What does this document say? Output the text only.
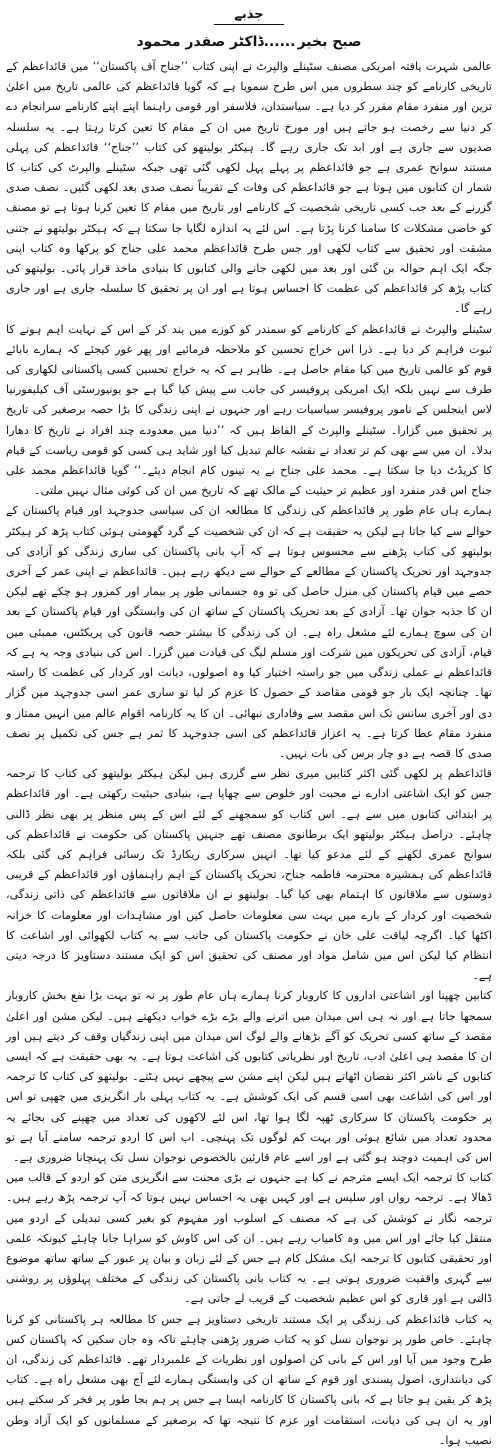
جذبے
صبح بخیر......ڈاکٹر صفدر محمود
عالمی شہرت یافتہ امریکی مصنف سٹینلے والپرٹ نے اپنی کتاب ’’جناح آف پاکستان‘‘ میں قائداعظم کے تاریخی کارنامے کو چند سطروں میں اس طرح سمویا ہے کہ گویا قائداعظم کی عالمی تاریخ میں اعلیٰ ترین اور منفرد مقام مقرر کر دیا ہے۔ سیاستدان، فلاسفر اور قومی راہنما اپنے اپنے کارنامے سرانجام دے کر دنیا سے رخصت ہو جاتے ہیں اور مورخ تاریخ میں ان کے مقام کا تعین کرتا رہتا ہے۔ یہ سلسلہ صدیوں سے جاری ہے اور ابد تک جاری رہے گا۔ ہیکٹر بولیتھو کی کتاب ’’جناح‘‘ قائداعظم کی پہلی مستند سوانح عمری ہے جو قائداعظم پر پہلے پہل لکھی گئی تھی جبکہ سٹینلے والپرٹ کی کتاب کا شمار ان کتابوں میں ہوتا ہے جو قائداعظم کی وفات کے تقریباً نصف صدی بعد لکھی گئیں۔ نصف صدی گزرنے کے بعد جب کسی تاریخی شخصیت کے کارنامے اور تاریخ میں مقام کا تعین کرنا ہوتا ہے تو مصنف کو خاصی مشکلات کا سامنا کرنا پڑتا ہے۔ اس لئے یہ اندازہ لگایا جا سکتا ہے کہ ہیکٹر بولیتھو نے جتنی مشقت اور تحقیق سے کتاب لکھی اور جس طرح قائداعظم محمد علی جناح کو پرکھا وہ کتاب اپنی جگہ ایک اہم حوالہ بن گئی اور بعد میں لکھی جانے والی کتابوں کا بنیادی ماخذ قرار پائی۔ بولیتھو کی کتاب پڑھ کر قائداعظم کی عظمت کا احساس ہوتا ہے اور ان پر تحقیق کا سلسلہ جاری ہے اور جاری رہے گا۔
سٹینلے والپرٹ نے قائداعظم کے کارنامے کو سمندر کو کوزے میں بند کر کے اس کے نہایت اہم ہونے کا ثبوت فراہم کر دیا ہے۔ ذرا اس خراج تحسین کو ملاحظہ فرمائیے اور پھر غور کیجئے کہ ہمارے بابائے قوم کو عالمی تاریخ میں کیا مقام حاصل ہے۔ ظاہر ہے کہ یہ خراج تحسین کسی پاکستانی لکھاری کی طرف سے نہیں بلکہ ایک امریکی پروفیسر کی جانب سے پیش کیا گیا ہے جو یونیورسٹی آف کیلیفورنیا لاس اینجلس کے نامور پروفیسر سیاسیات رہے اور جنہوں نے اپنی زندگی کا بڑا حصہ برصغیر کی تاریخ پر تحقیق میں گزارا۔ سٹینلے والپرٹ کے الفاظ ہیں کہ ’’دنیا میں معدودے چند افراد نے تاریخ کا دھارا بدلا۔ ان میں سے بھی کم تر تعداد نے نقشہ عالم تبدیل کیا اور شاید ہی کسی کو قومی ریاست کے قیام کا کریڈٹ دیا جا سکتا ہے۔ محمد علی جناح نے یہ تینوں کام انجام دیئے۔‘‘ گویا قائداعظم محمد علی جناح اس قدر منفرد اور عظیم تر حیثیت کے مالک تھے کہ تاریخ میں ان کی کوئی مثال نہیں ملتی۔
ہمارے ہاں عام طور پر قائداعظم کی زندگی کا مطالعہ ان کی سیاسی جدوجہد اور قیام پاکستان کے حوالے سے کیا جاتا ہے لیکن یہ حقیقت ہے کہ ان کی شخصیت کے گرد گھومتی ہوئی کتاب پڑھ کر ہیکٹر بولیتھو کی کتاب پڑھنے سے محسوس ہوتا ہے کہ آپ بانی پاکستان کی ساری زندگی کو آزادی کی جدوجہد اور تحریک پاکستان کے مطالعے کے حوالے سے دیکھ رہے ہیں۔ قائداعظم نے اپنی عمر کے آخری حصے میں قیام پاکستان کی منزل حاصل کی تو وہ جسمانی طور پر بیمار اور کمزور ہو چکے تھے لیکن ان کا جذبہ جوان تھا۔ آزادی کے بعد تحریک پاکستان کے ساتھ ان کی وابستگی اور قیام پاکستان کے بعد ان کی سوچ ہمارے لئے مشعل راہ ہے۔ ان کی زندگی کا بیشتر حصہ قانون کی پریکٹس، ممبئی میں قیام، آزادی کی تحریکوں میں شرکت اور مسلم لیگ کی قیادت میں گزرا۔ اس کی بنیادی وجہ یہ ہے کہ قائداعظم نے عملی زندگی میں جو راستہ اختیار کیا وہ اصولوں، دیانت اور کردار کی عظمت کا راستہ تھا۔ چنانچہ ایک بار جو قومی مقاصد کے حصول کا عزم کر لیا تو ساری عمر اسی جدوجہد میں گزار دی اور آخری سانس تک اس مقصد سے وفاداری نبھائی۔ ان کا یہ کارنامہ اقوام عالم میں انہیں ممتاز و منفرد مقام عطا کرتا ہے۔ یہ اعزاز قائداعظم کی اسی جدوجہد کا ثمر ہے جس کی تکمیل پر نصف صدی کا قصہ ہے دو چار برس کی بات نہیں۔
قائداعظم پر لکھی گئی اکثر کتابیں میری نظر سے گزری ہیں لیکن ہیکٹر بولیتھو کی کتاب کا ترجمہ جس کو ایک اشاعتی ادارے نے محبت اور خلوص سے چھاپا ہے، بنیادی حیثیت رکھتی ہے۔ اور قائداعظم پر ابتدائی کتابوں میں سے ہے۔ اس کتاب کو سمجھنے کے لئے اس کے پس منظر پر بھی نظر ڈالنی چاہئے۔ دراصل ہیکٹر بولیتھو ایک برطانوی مصنف تھے جنہیں پاکستان کی حکومت نے قائداعظم کی سوانح عمری لکھنے کے لئے مدعو کیا تھا۔ انہیں سرکاری ریکارڈ تک رسائی فراہم کی گئی بلکہ قائداعظم کی ہمشیرہ محترمہ فاطمہ جناح، تحریک پاکستان کے اہم راہنماؤں اور قائداعظم کے قریبی دوستوں سے ملاقاتوں کا اہتمام بھی کیا گیا۔ بولیتھو نے ان ملاقاتوں سے قائداعظم کی ذاتی زندگی، شخصیت اور کردار کے بارے میں بہت سی معلومات حاصل کیں اور مشاہدات اور معلومات کا خزانہ اکٹھا کیا۔ اگرچہ لیاقت علی خان نے حکومت پاکستان کی جانب سے یہ کتاب لکھوائی اور اشاعت کا انتظام کیا لیکن اس میں شامل مواد اور مصنف کی تحقیق اس کو ایک مستند دستاویز کا درجہ دیتی ہے۔
کتابیں چھپنا اور اشاعتی اداروں کا کاروبار کرنا ہمارے ہاں عام طور پر نہ تو بہت بڑا نفع بخش کاروبار سمجھا جاتا ہے اور نہ ہی اس میدان میں اترنے والے بڑے بڑے خواب دیکھتے ہیں۔ لیکن مشن اور اعلیٰ مقصد کے ساتھ کسی تحریک کو آگے بڑھانے والے لوگ اس میدان میں اپنی زندگیاں وقف کر دیتے ہیں اور ان کا مقصد ہی اعلیٰ ادب، تاریخ اور نظریاتی کتابوں کی اشاعت ہوتا ہے۔ یہ بھی حقیقت ہے کہ ایسی کتابوں کے ناشر اکثر نقصان اٹھاتے ہیں لیکن اپنے مشن سے پیچھے نہیں ہٹتے۔ بولیتھو کی کتاب کا ترجمہ اور اس کی اشاعت بھی اسی قسم کی ایک کوشش ہے۔ یہ کتاب پہلی بار انگریزی میں چھپی تو اس پر حکومت پاکستان کا سرکاری ٹھپہ لگا ہوا تھا، اس لئے لاکھوں کی تعداد میں چھپنے کی بجائے یہ محدود تعداد میں شائع ہوئی اور بہت کم لوگوں تک پہنچی۔ اب اس کا اردو ترجمہ سامنے آیا ہے تو اس کی اہمیت دوچند ہو گئی ہے اور اسے عام قارئین بالخصوص نوجوان نسل تک پہنچانا ضروری ہے۔
کتاب کا ترجمہ ایک ایسے مترجم نے کیا ہے جنہوں نے بڑی محنت سے انگریزی متن کو اردو کے قالب میں ڈھالا ہے۔ ترجمہ رواں اور سلیس ہے اور کہیں بھی یہ احساس نہیں ہوتا کہ آپ ترجمہ پڑھ رہے ہیں۔ ترجمہ نگار نے کوشش کی ہے کہ مصنف کے اسلوب اور مفہوم کو بغیر کسی تبدیلی کے اردو میں منتقل کیا جائے اور اس میں وہ کامیاب رہے ہیں۔ ان کی اس کاوش کو سراہا جانا چاہئے کیونکہ علمی اور تحقیقی کتابوں کا ترجمہ ایک مشکل کام ہے جس کے لئے زبان و بیان پر عبور کے ساتھ ساتھ موضوع سے گہری واقفیت ضروری ہوتی ہے۔ یہ کتاب بانی پاکستان کی زندگی کے مختلف پہلوؤں پر روشنی ڈالتی ہے اور قاری کو اس عظیم شخصیت کے قریب لے جاتی ہے۔
یہ کتاب قائداعظم کی زندگی پر ایک مستند تاریخی دستاویز ہے جس کا مطالعہ ہر پاکستانی کو کرنا چاہئے۔ خاص طور پر نوجوان نسل کو یہ کتاب ضرور پڑھنی چاہئے تاکہ وہ جان سکیں کہ پاکستان کس طرح وجود میں آیا اور اس کے بانی کن اصولوں اور نظریات کے علمبردار تھے۔ قائداعظم کی زندگی، ان کی دیانتداری، اصول پسندی اور قوم کے ساتھ ان کی وابستگی ہمارے لئے آج بھی مشعل راہ ہے۔ کتاب پڑھ کر یقین ہو جاتا ہے کہ بانی پاکستان کا کارنامہ ایسا ہے جس پر ہم بجا طور پر فخر کر سکتے ہیں اور یہ ان ہی کی دیانت، استقامت اور عزم کا نتیجہ تھا کہ برصغیر کے مسلمانوں کو ایک آزاد وطن نصیب ہوا۔
